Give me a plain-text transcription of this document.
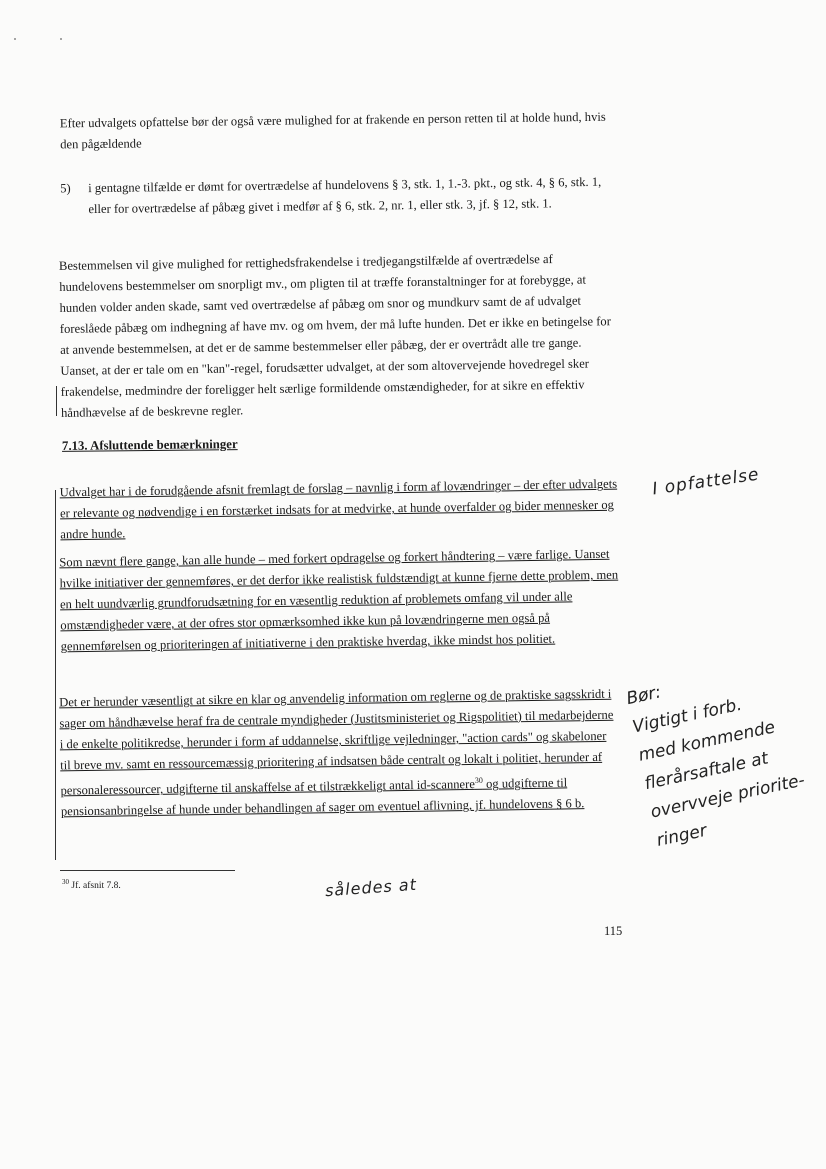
Efter udvalgets opfattelse bør der også være mulighed for at frakende en person retten til at holde hund, hvis den pågældende
5) i gentagne tilfælde er dømt for overtrædelse af hundelovens § 3, stk. 1, 1.-3. pkt., og stk. 4, § 6, stk. 1, eller for overtrædelse af påbæg givet i medfør af § 6, stk. 2, nr. 1, eller stk. 3, jf. § 12, stk. 1.
Bestemmelsen vil give mulighed for rettighedsfrakendelse i tredjegangstilfælde af overtrædelse af hundelovens bestemmelser om snorpligt mv., om pligten til at træffe foranstaltninger for at forebygge, at hunden volder anden skade, samt ved overtrædelse af påbæg om snor og mundkurv samt de af udvalget foreslåede påbæg om indhegning af have mv. og om hvem, der må lufte hunden. Det er ikke en betingelse for at anvende bestemmelsen, at det er de samme bestemmelser eller påbæg, der er overtrådt alle tre gange. Uanset, at der er tale om en "kan"-regel, forudsætter udvalget, at der som altovervejende hovedregel sker frakendelse, medmindre der foreligger helt særlige formildende omstændigheder, for at sikre en effektiv håndhævelse af de beskrevne regler.
7.13. Afsluttende bemærkninger
Udvalget har i de forudgående afsnit fremlagt de forslag – navnlig i form af lovændringer – der efter udvalgets er relevante og nødvendige i en forstærket indsats for at medvirke, at hunde overfalder og bider mennesker og andre hunde.
Som nævnt flere gange, kan alle hunde – med forkert opdragelse og forkert håndtering – være farlige. Uanset hvilke initiativer der gennemføres, er det derfor ikke realistisk fuldstændigt at kunne fjerne dette problem, men en helt uundværlig grundforudsætning for en væsentlig reduktion af problemets omfang vil under alle omstændigheder være, at der ofres stor opmærksomhed ikke kun på lovændringerne men også på gennemførelsen og prioriteringen af initiativerne i den praktiske hverdag, ikke mindst hos politiet.
Det er herunder væsentligt at sikre en klar og anvendelig information om reglerne og de praktiske sagsskridt i sager om håndhævelse heraf fra de centrale myndigheder (Justitsministeriet og Rigspolitiet) til medarbejderne i de enkelte politikredse, herunder i form af uddannelse, skriftlige vejledninger, "action cards" og skabeloner til breve mv. samt en ressourcemæssig prioritering af indsatsen både centralt og lokalt i politiet, herunder af personaleressourcer, udgifterne til anskaffelse af et tilstrækkeligt antal id-scannere$^{30}$ og udgifterne til pensionsanbringelse af hunde under behandlingen af sager om eventuel aflivning, jf. hundelovens § 6 b.
$^{30}$ Jf. afsnit 7.8.
115
I opfattelse
Bør:
Vigtigt i forb.
med kommende
flerårsaftale at
overvveje priorite-
ringer
således at
